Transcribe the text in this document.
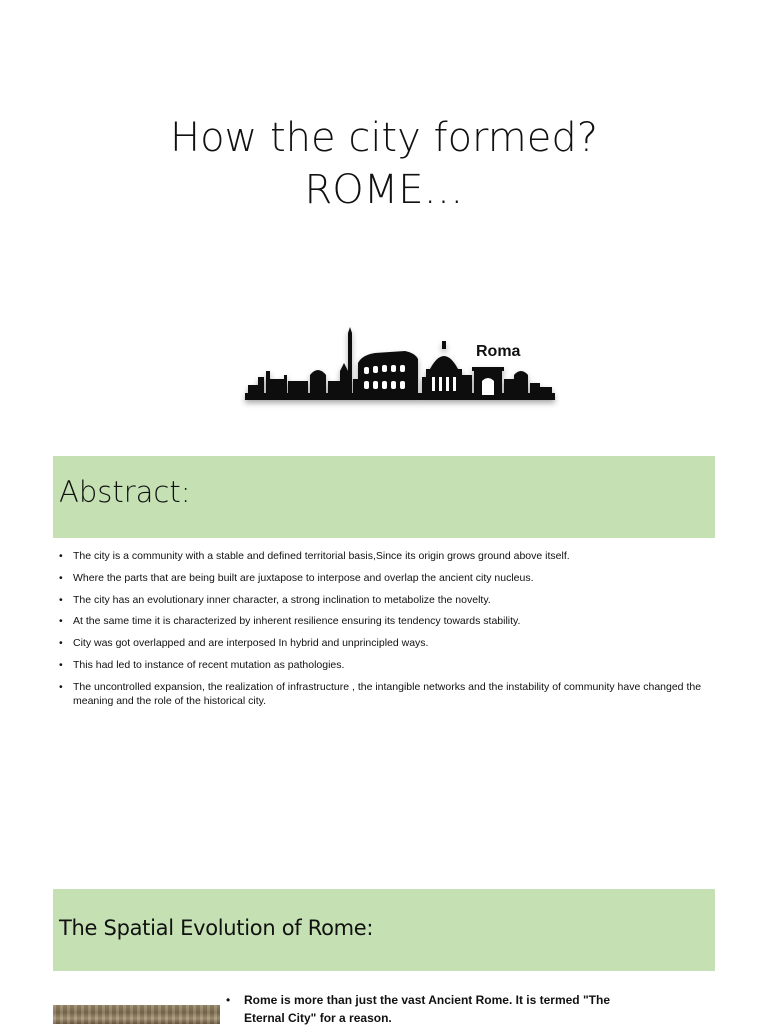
How the city formed?
ROME…
Roma
Abstract:
• The city is a community with a stable and defined territorial basis,Since its origin grows ground above itself.
• Where the parts that are being built are juxtapose to interpose and overlap the ancient city nucleus.
• The city has an evolutionary inner character, a strong inclination to metabolize the novelty.
• At the same time it is characterized by inherent resilience ensuring its tendency towards stability.
• City was got overlapped and are interposed In hybrid and unprincipled ways.
• This had led to instance of recent mutation as pathologies.
• The uncontrolled expansion, the realization of infrastructure , the intangible networks and the instability of community have changed the meaning and the role of the historical city.
The Spatial Evolution of Rome:
• Rome is more than just the vast Ancient Rome. It is termed "The Eternal City" for a reason.
